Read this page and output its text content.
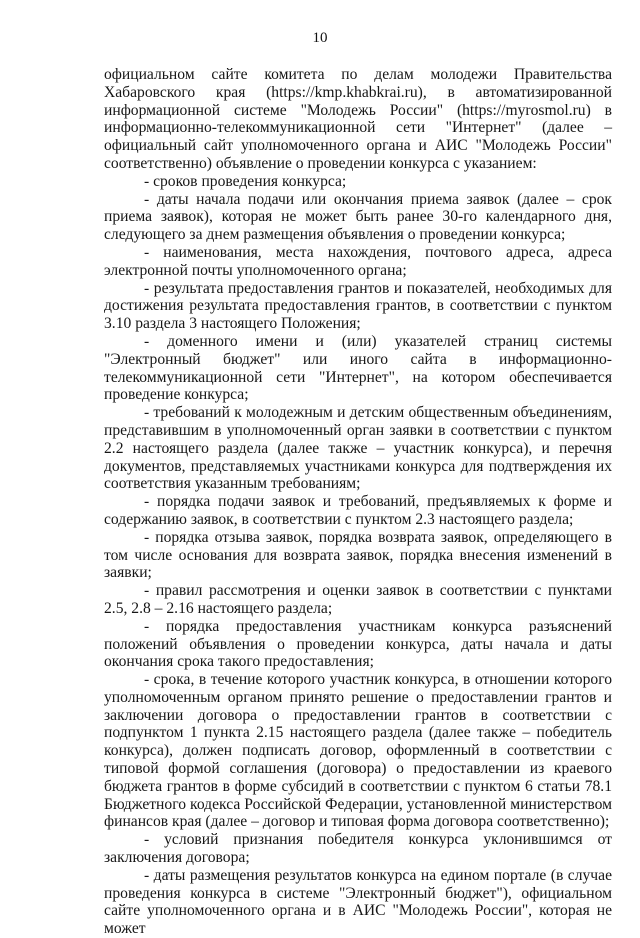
10

официальном сайте комитета по делам молодежи Правительства Хабаровского края (https://kmp.khabkrai.ru), в автоматизированной информационной системе "Молодежь России" (https://myrosmol.ru) в информационно-телекоммуникационной сети "Интернет" (далее – официальный сайт уполномоченного органа и АИС "Молодежь России" соответственно) объявление о проведении конкурса с указанием:

- сроков проведения конкурса;

- даты начала подачи или окончания приема заявок (далее – срок приема заявок), которая не может быть ранее 30-го календарного дня, следующего за днем размещения объявления о проведении конкурса;

- наименования, места нахождения, почтового адреса, адреса электронной почты уполномоченного органа;

- результата предоставления грантов и показателей, необходимых для достижения результата предоставления грантов, в соответствии с пунктом 3.10 раздела 3 настоящего Положения;

- доменного имени и (или) указателей страниц системы "Электронный бюджет" или иного сайта в информационно-телекоммуникационной сети "Интернет", на котором обеспечивается проведение конкурса;

- требований к молодежным и детским общественным объединениям, представившим в уполномоченный орган заявки в соответствии с пунктом 2.2 настоящего раздела (далее также – участник конкурса), и перечня документов, представляемых участниками конкурса для подтверждения их соответствия указанным требованиям;

- порядка подачи заявок и требований, предъявляемых к форме и содержанию заявок, в соответствии с пунктом 2.3 настоящего раздела;

- порядка отзыва заявок, порядка возврата заявок, определяющего в том числе основания для возврата заявок, порядка внесения изменений в заявки;

- правил рассмотрения и оценки заявок в соответствии с пунктами 2.5, 2.8 – 2.16 настоящего раздела;

- порядка предоставления участникам конкурса разъяснений положений объявления о проведении конкурса, даты начала и даты окончания срока такого предоставления;

- срока, в течение которого участник конкурса, в отношении которого уполномоченным органом принято решение о предоставлении грантов и заключении договора о предоставлении грантов в соответствии с подпунктом 1 пункта 2.15 настоящего раздела (далее также – победитель конкурса), должен подписать договор, оформленный в соответствии с типовой формой соглашения (договора) о предоставлении из краевого бюджета грантов в форме субсидий в соответствии с пунктом 6 статьи 78.1 Бюджетного кодекса Российской Федерации, установленной министерством финансов края (далее – договор и типовая форма договора соответственно);

- условий признания победителя конкурса уклонившимся от заключения договора;

- даты размещения результатов конкурса на едином портале (в случае проведения конкурса в системе "Электронный бюджет"), официальном сайте уполномоченного органа и в АИС "Молодежь России", которая не может
